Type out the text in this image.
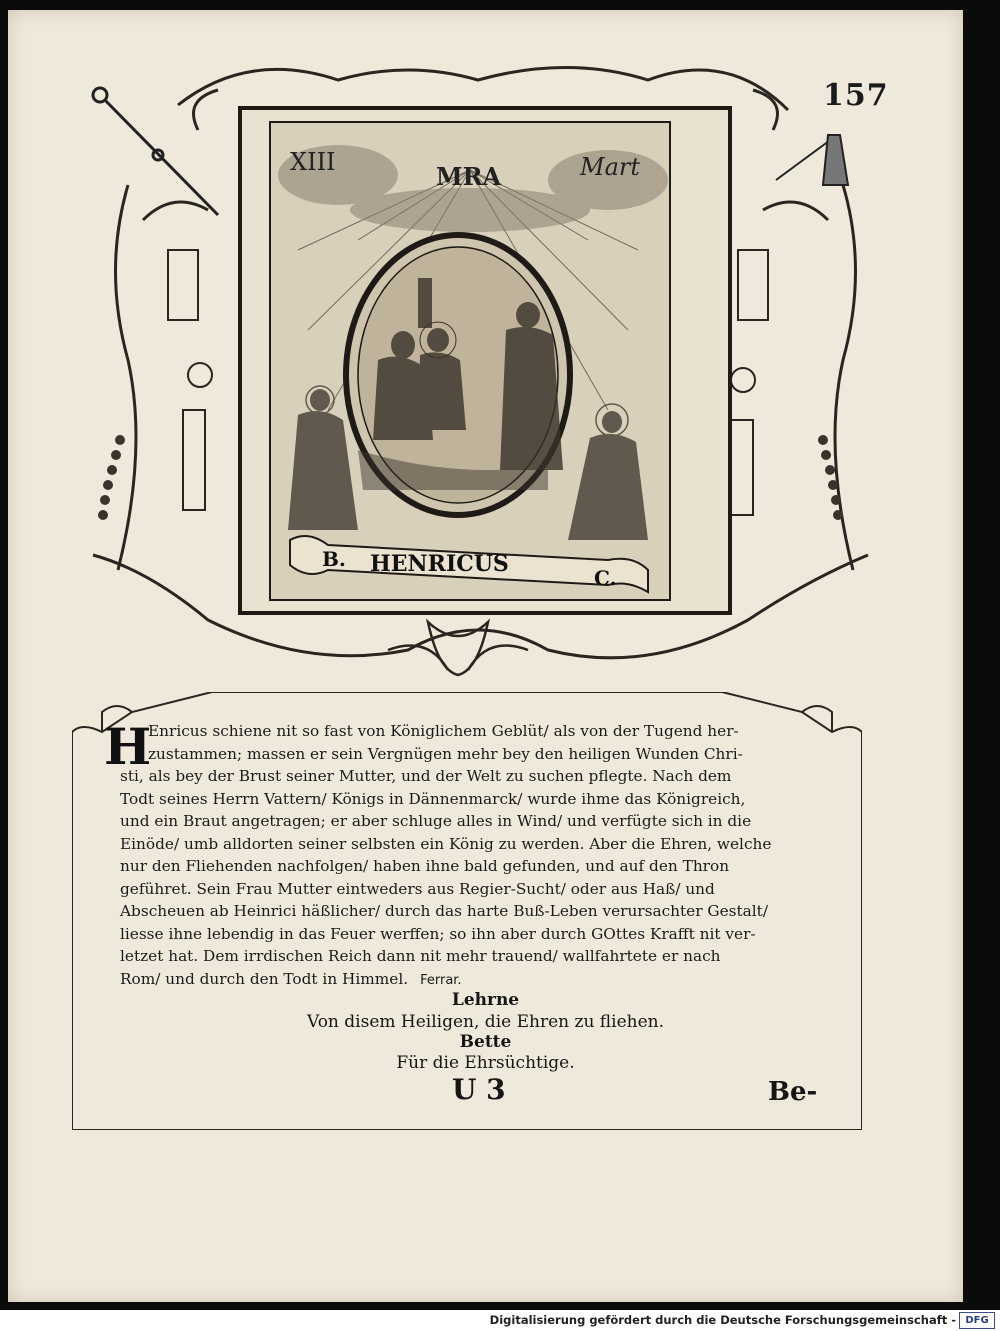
157
XIII	MRA	Mart
B. HENRICUS
C.
H
Enricus schiene nit so fast von Königlichem Geblüt/ als von der Tugend her-
zustammen; massen er sein Vergnügen mehr bey den heiligen Wunden Chri-
sti, als bey der Brust seiner Mutter, und der Welt zu suchen pflegte. Nach dem
Todt seines Herrn Vattern/ Königs in Dännenmarck/ wurde ihme das Königreich,
und ein Braut angetragen; er aber schluge alles in Wind/ und verfügte sich in die
Einöde/ umb alldorten seiner selbsten ein König zu werden. Aber die Ehren, welche
nur den Fliehenden nachfolgen/ haben ihne bald gefunden, und auf den Thron
geführet. Sein Frau Mutter eintweders aus Regier-Sucht/ oder aus Haß/ und
Abscheuen ab Heinrici häßlicher/ durch das harte Buß-Leben verursachter Gestalt/
liesse ihne lebendig in das Feuer werffen; so ihn aber durch GOttes Krafft nit ver-
letzet hat. Dem irrdischen Reich dann nit mehr trauend/ wallfahrtete er nach
Rom/ und durch den Todt in Himmel. Ferrar.
Lehrne
Von disem Heiligen, die Ehren zu fliehen.
Bette
Für die Ehrsüchtige.
U 3	Be-
Digitalisierung gefördert durch die Deutsche Forschungsgemeinschaft - DFG
